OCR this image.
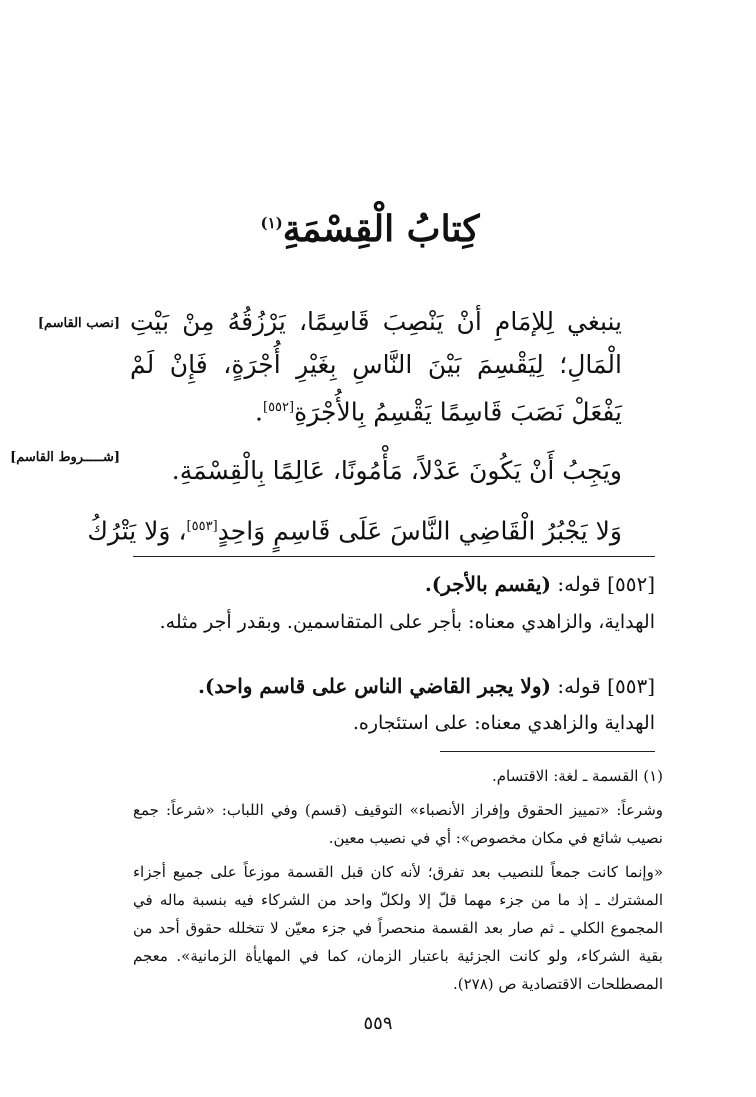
كِتابُ الْقِسْمَةِ$^{(١)}$
[نصب القاسم]
[شـــــروط القاسم]
ينبغي لِلإمَامِ أنْ يَنْصِبَ قَاسِمًا، يَرْزُقُهُ مِنْ بَيْتِ الْمَالِ؛ لِيَقْسِمَ بَيْنَ النَّاسِ بِغَيْرِ أُجْرَةٍ، فَإِنْ لَمْ يَفْعَلْ نَصَبَ قَاسِمًا يَقْسِمُ بِالأُجْرَةِ[٥٥٢].
ويَجِبُ أَنْ يَكُونَ عَدْلاً، مَأْمُونًا، عَالِمًا بِالْقِسْمَةِ.
وَلا يَجْبُرُ الْقَاضِي النَّاسَ عَلَى قَاسِمٍ وَاحِدٍ[٥٥٣]، وَلا يَتْرُكُ
[٥٥٢] قوله: (يقسم بالأجر).
الهداية، والزاهدي معناه: بأجر على المتقاسمين. وبقدر أجر مثله.
[٥٥٣] قوله: (ولا يجبر القاضي الناس على قاسم واحد).
الهداية والزاهدي معناه: على استئجاره.
(١) القسمة ـ لغة: الاقتسام.
وشرعاً: «تمييز الحقوق وإفراز الأنصباء» التوقيف (قسم) وفي اللباب: «شرعاً: جمع نصيب شائع في مكان مخصوص»: أي في نصيب معين.
«وإنما كانت جمعاً للنصيب بعد تفرق؛ لأنه كان قبل القسمة موزعاً على جميع أجزاء المشترك ـ إذ ما من جزء مهما قلّ إلا ولكلّ واحد من الشركاء فيه بنسبة ماله في المجموع الكلي ـ ثم صار بعد القسمة منحصراً في جزء معيّن لا تتخلله حقوق أحد من بقية الشركاء، ولو كانت الجزئية باعتبار الزمان، كما في المهايأة الزمانية». معجم المصطلحات الاقتصادية ص (٢٧٨).
٥٥٩
